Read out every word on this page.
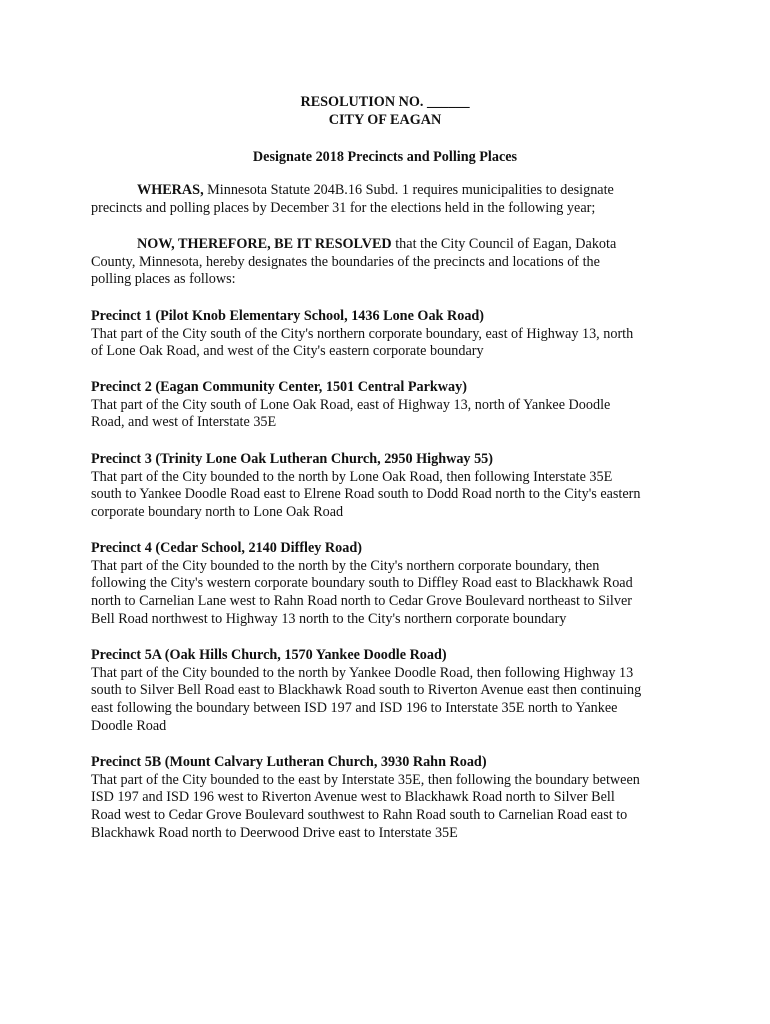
RESOLUTION NO. ______
CITY OF EAGAN
Designate 2018 Precincts and Polling Places
WHERAS, Minnesota Statute 204B.16 Subd. 1 requires municipalities to designate
precincts and polling places by December 31 for the elections held in the following year;
NOW, THEREFORE, BE IT RESOLVED that the City Council of Eagan, Dakota
County, Minnesota, hereby designates the boundaries of the precincts and locations of the
polling places as follows:
Precinct 1 (Pilot Knob Elementary School, 1436 Lone Oak Road)
That part of the City south of the City's northern corporate boundary, east of Highway 13, north
of Lone Oak Road, and west of the City's eastern corporate boundary
Precinct 2 (Eagan Community Center, 1501 Central Parkway)
That part of the City south of Lone Oak Road, east of Highway 13, north of Yankee Doodle
Road, and west of Interstate 35E
Precinct 3 (Trinity Lone Oak Lutheran Church, 2950 Highway 55)
That part of the City bounded to the north by Lone Oak Road, then following Interstate 35E
south to Yankee Doodle Road east to Elrene Road south to Dodd Road north to the City's eastern
corporate boundary north to Lone Oak Road
Precinct 4 (Cedar School, 2140 Diffley Road)
That part of the City bounded to the north by the City's northern corporate boundary, then
following the City's western corporate boundary south to Diffley Road east to Blackhawk Road
north to Carnelian Lane west to Rahn Road north to Cedar Grove Boulevard northeast to Silver
Bell Road northwest to Highway 13 north to the City's northern corporate boundary
Precinct 5A (Oak Hills Church, 1570 Yankee Doodle Road)
That part of the City bounded to the north by Yankee Doodle Road, then following Highway 13
south to Silver Bell Road east to Blackhawk Road south to Riverton Avenue east then continuing
east following the boundary between ISD 197 and ISD 196 to Interstate 35E north to Yankee
Doodle Road
Precinct 5B (Mount Calvary Lutheran Church, 3930 Rahn Road)
That part of the City bounded to the east by Interstate 35E, then following the boundary between
ISD 197 and ISD 196 west to Riverton Avenue west to Blackhawk Road north to Silver Bell
Road west to Cedar Grove Boulevard southwest to Rahn Road south to Carnelian Road east to
Blackhawk Road north to Deerwood Drive east to Interstate 35E
